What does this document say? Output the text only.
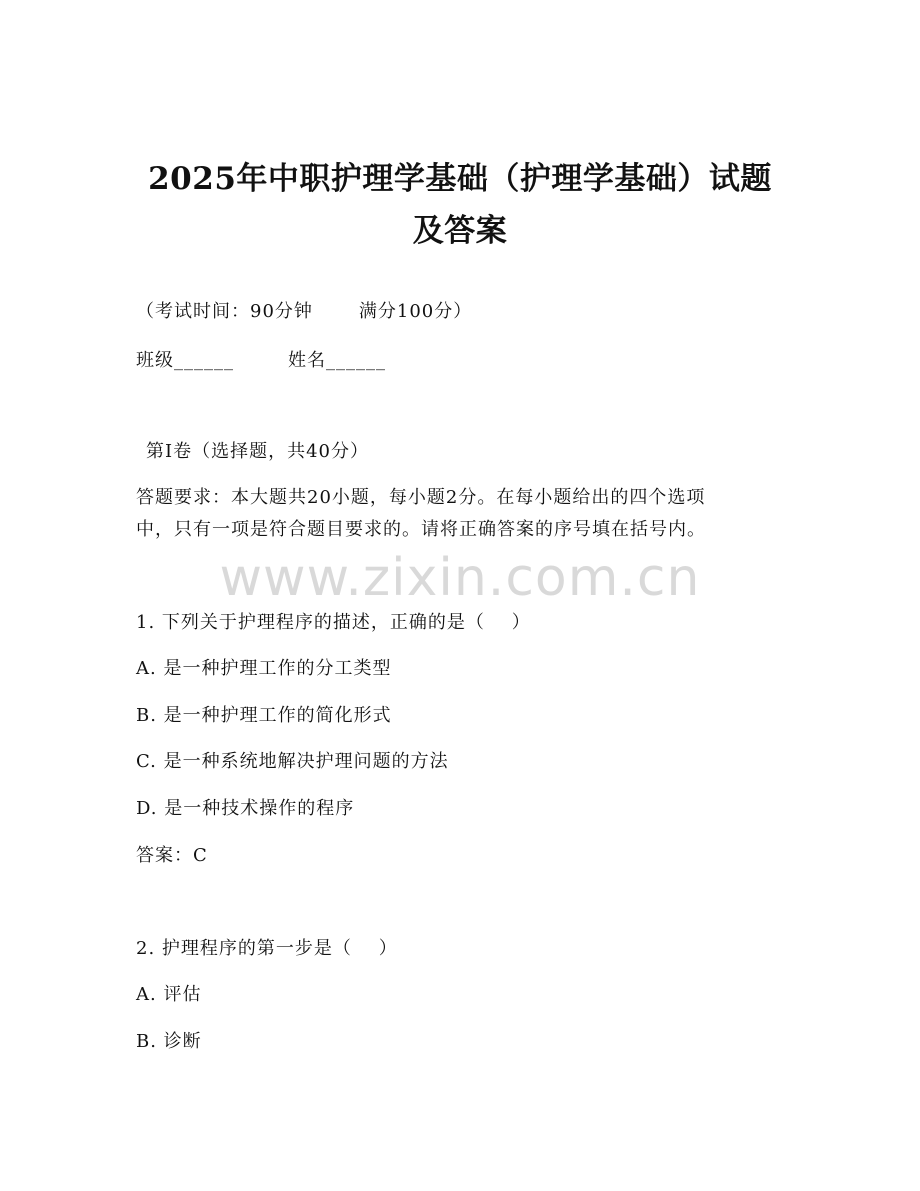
2025年中职护理学基础（护理学基础）试题
及答案
（考试时间：90分钟	满分100分）
班级______	姓名______
第Ⅰ卷（选择题，共40分）
答题要求：本大题共20小题，每小题2分。在每小题给出的四个选项
中，只有一项是符合题目要求的。请将正确答案的序号填在括号内。
www.zixin.com.cn
1. 下列关于护理程序的描述，正确的是（    ）
A. 是一种护理工作的分工类型
B. 是一种护理工作的简化形式
C. 是一种系统地解决护理问题的方法
D. 是一种技术操作的程序
答案：C
2. 护理程序的第一步是（    ）
A. 评估
B. 诊断
